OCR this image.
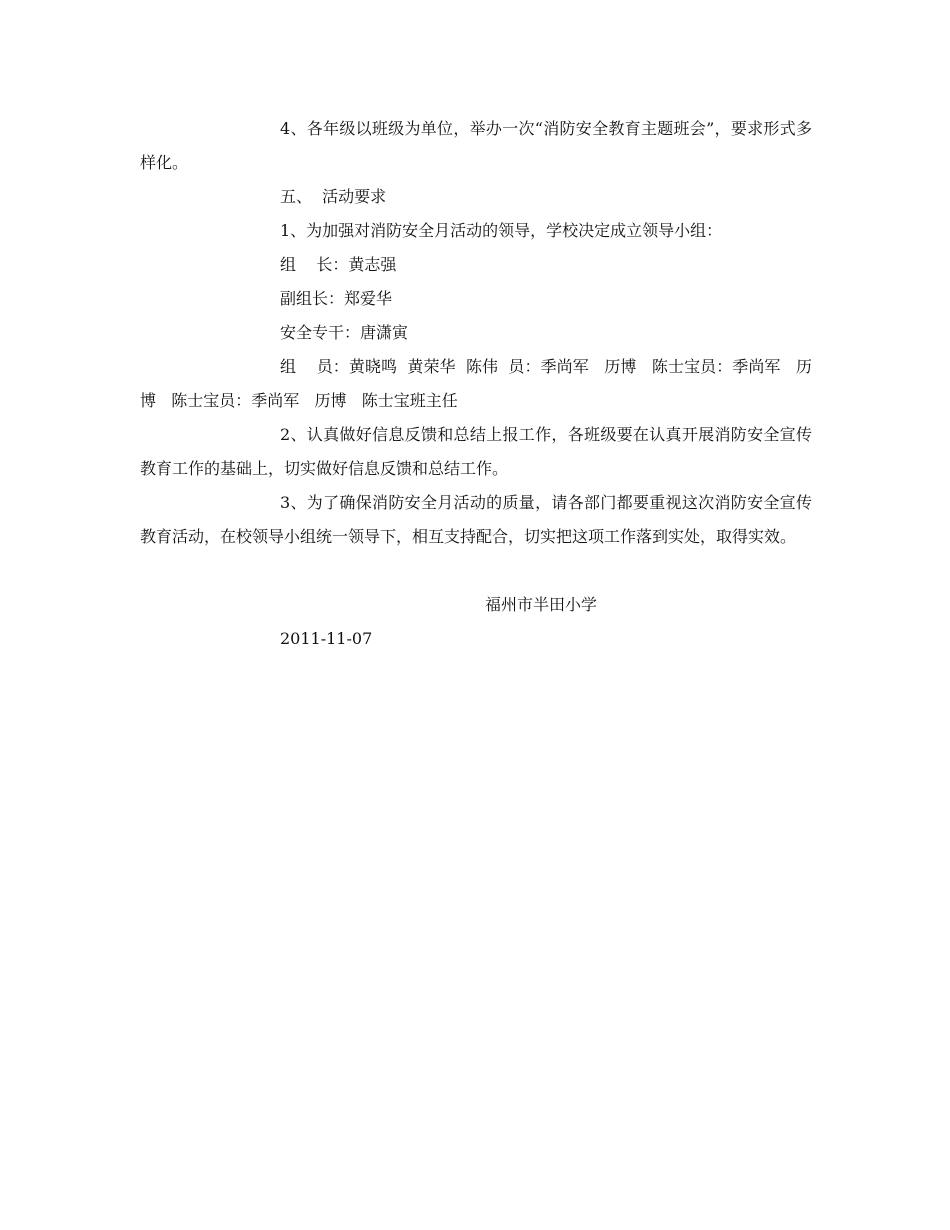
4、各年级以班级为单位，举办一次“消防安全教育主题班会”，要求形式多样化。

五、  活动要求

1、为加强对消防安全月活动的领导，学校决定成立领导小组：

组    长：黄志强

副组长：郑爱华

安全专干：唐潇寅

组    员：黄晓鸣  黄荣华  陈伟  员：季尚军   历博   陈士宝员：季尚军   历博   陈士宝员：季尚军   历博   陈士宝班主任

2、认真做好信息反馈和总结上报工作，各班级要在认真开展消防安全宣传教育工作的基础上，切实做好信息反馈和总结工作。

3、为了确保消防安全月活动的质量，请各部门都要重视这次消防安全宣传教育活动，在校领导小组统一领导下，相互支持配合，切实把这项工作落到实处，取得实效。

福州市半田小学

2011-11-07
